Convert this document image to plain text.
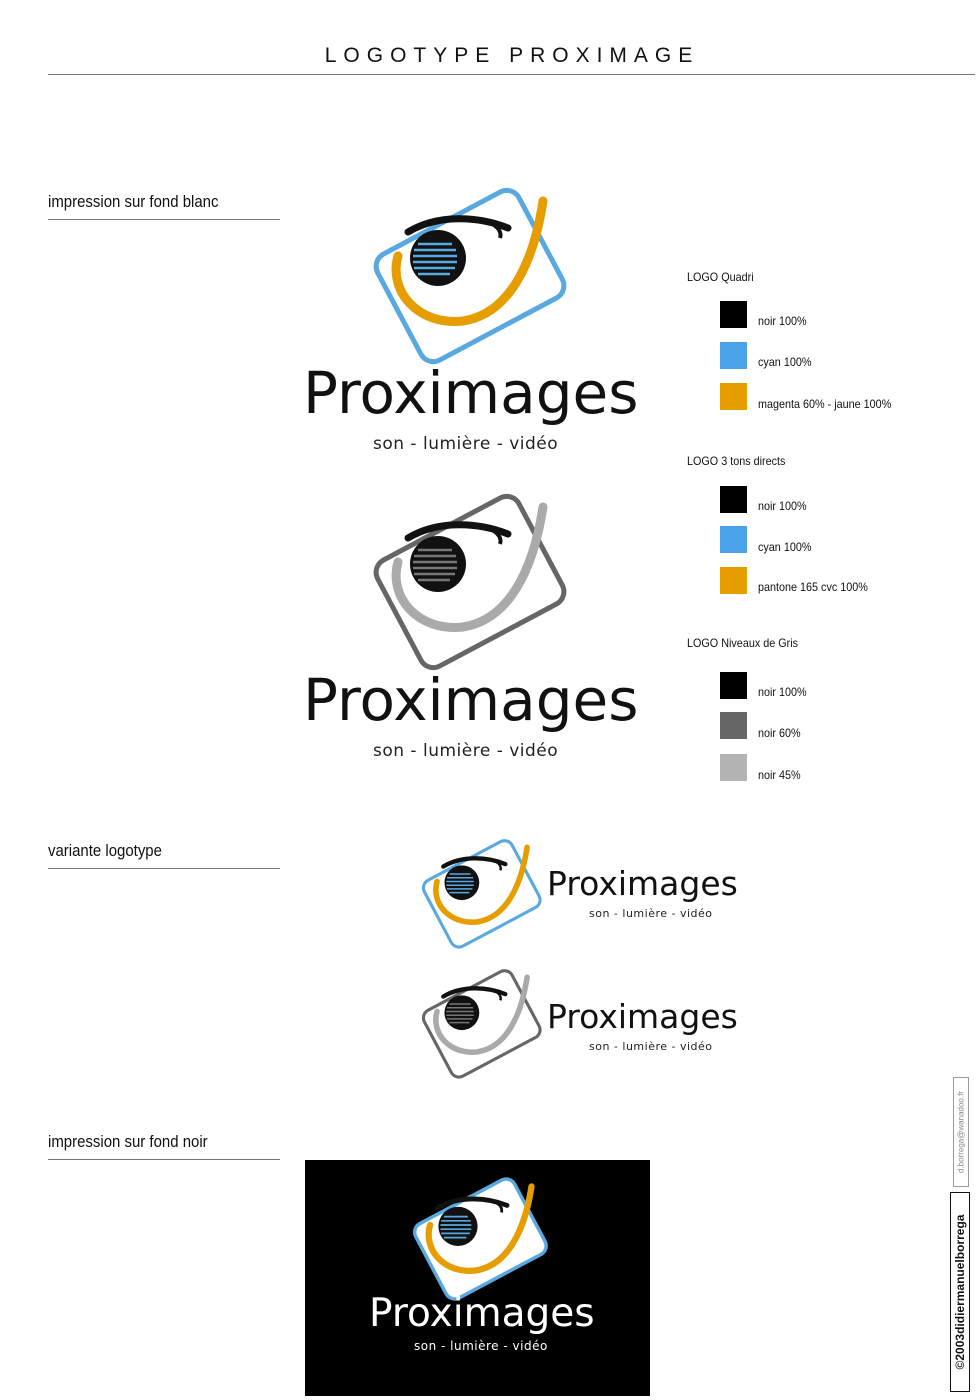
LOGOTYPE PROXIMAGE
impression sur fond blanc
Proximages
son - lumière - vidéo
Proximages
son - lumière - vidéo
LOGO Quadri
noir 100%
cyan 100%
magenta 60% - jaune 100%
LOGO 3 tons directs
noir 100%
cyan 100%
pantone 165 cvc 100%
LOGO Niveaux de Gris
noir 100%
noir 60%
noir 45%
variante logotype
Proximages
son - lumière - vidéo
Proximages
son - lumière - vidéo
impression sur fond noir
Proximages
son - lumière - vidéo
d.borrega@wanadoo.fr
©2003didiermanuelborrega
